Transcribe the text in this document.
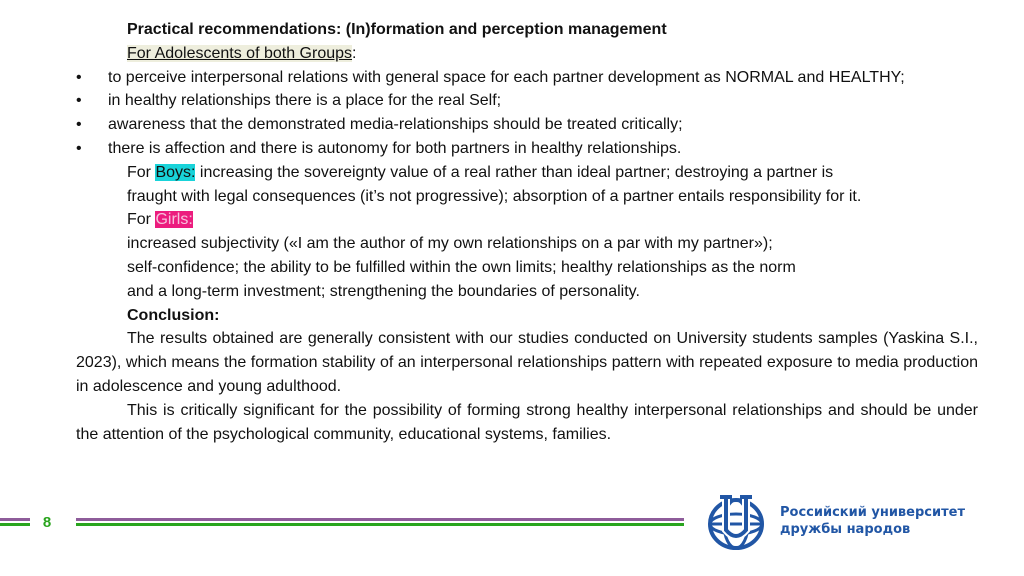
Practical recommendations: (In)formation and perception management
For Adolescents of both Groups:
• to perceive interpersonal relations with general space for each partner development as NORMAL and HEALTHY;
• in healthy relationships there is a place for the real Self;
• awareness that the demonstrated media-relationships should be treated critically;
• there is affection and there is autonomy for both partners in healthy relationships.
For Boys: increasing the sovereignty value of a real rather than ideal partner; destroying a partner is
fraught with legal consequences (it’s not progressive); absorption of a partner entails responsibility for it.
For Girls:
increased subjectivity («I am the author of my own relationships on a par with my partner»);
self-confidence; the ability to be fulfilled within the own limits; healthy relationships as the norm
and a long-term investment; strengthening the boundaries of personality.
Conclusion:
The results obtained are generally consistent with our studies conducted on University students samples (Yaskina S.I., 2023), which means the formation stability of an interpersonal relationships pattern with repeated exposure to media production in adolescence and young adulthood.
This is critically significant for the possibility of forming strong healthy interpersonal relationships and should be under the attention of the psychological community, educational systems, families.
8
Российский университет
дружбы народов
